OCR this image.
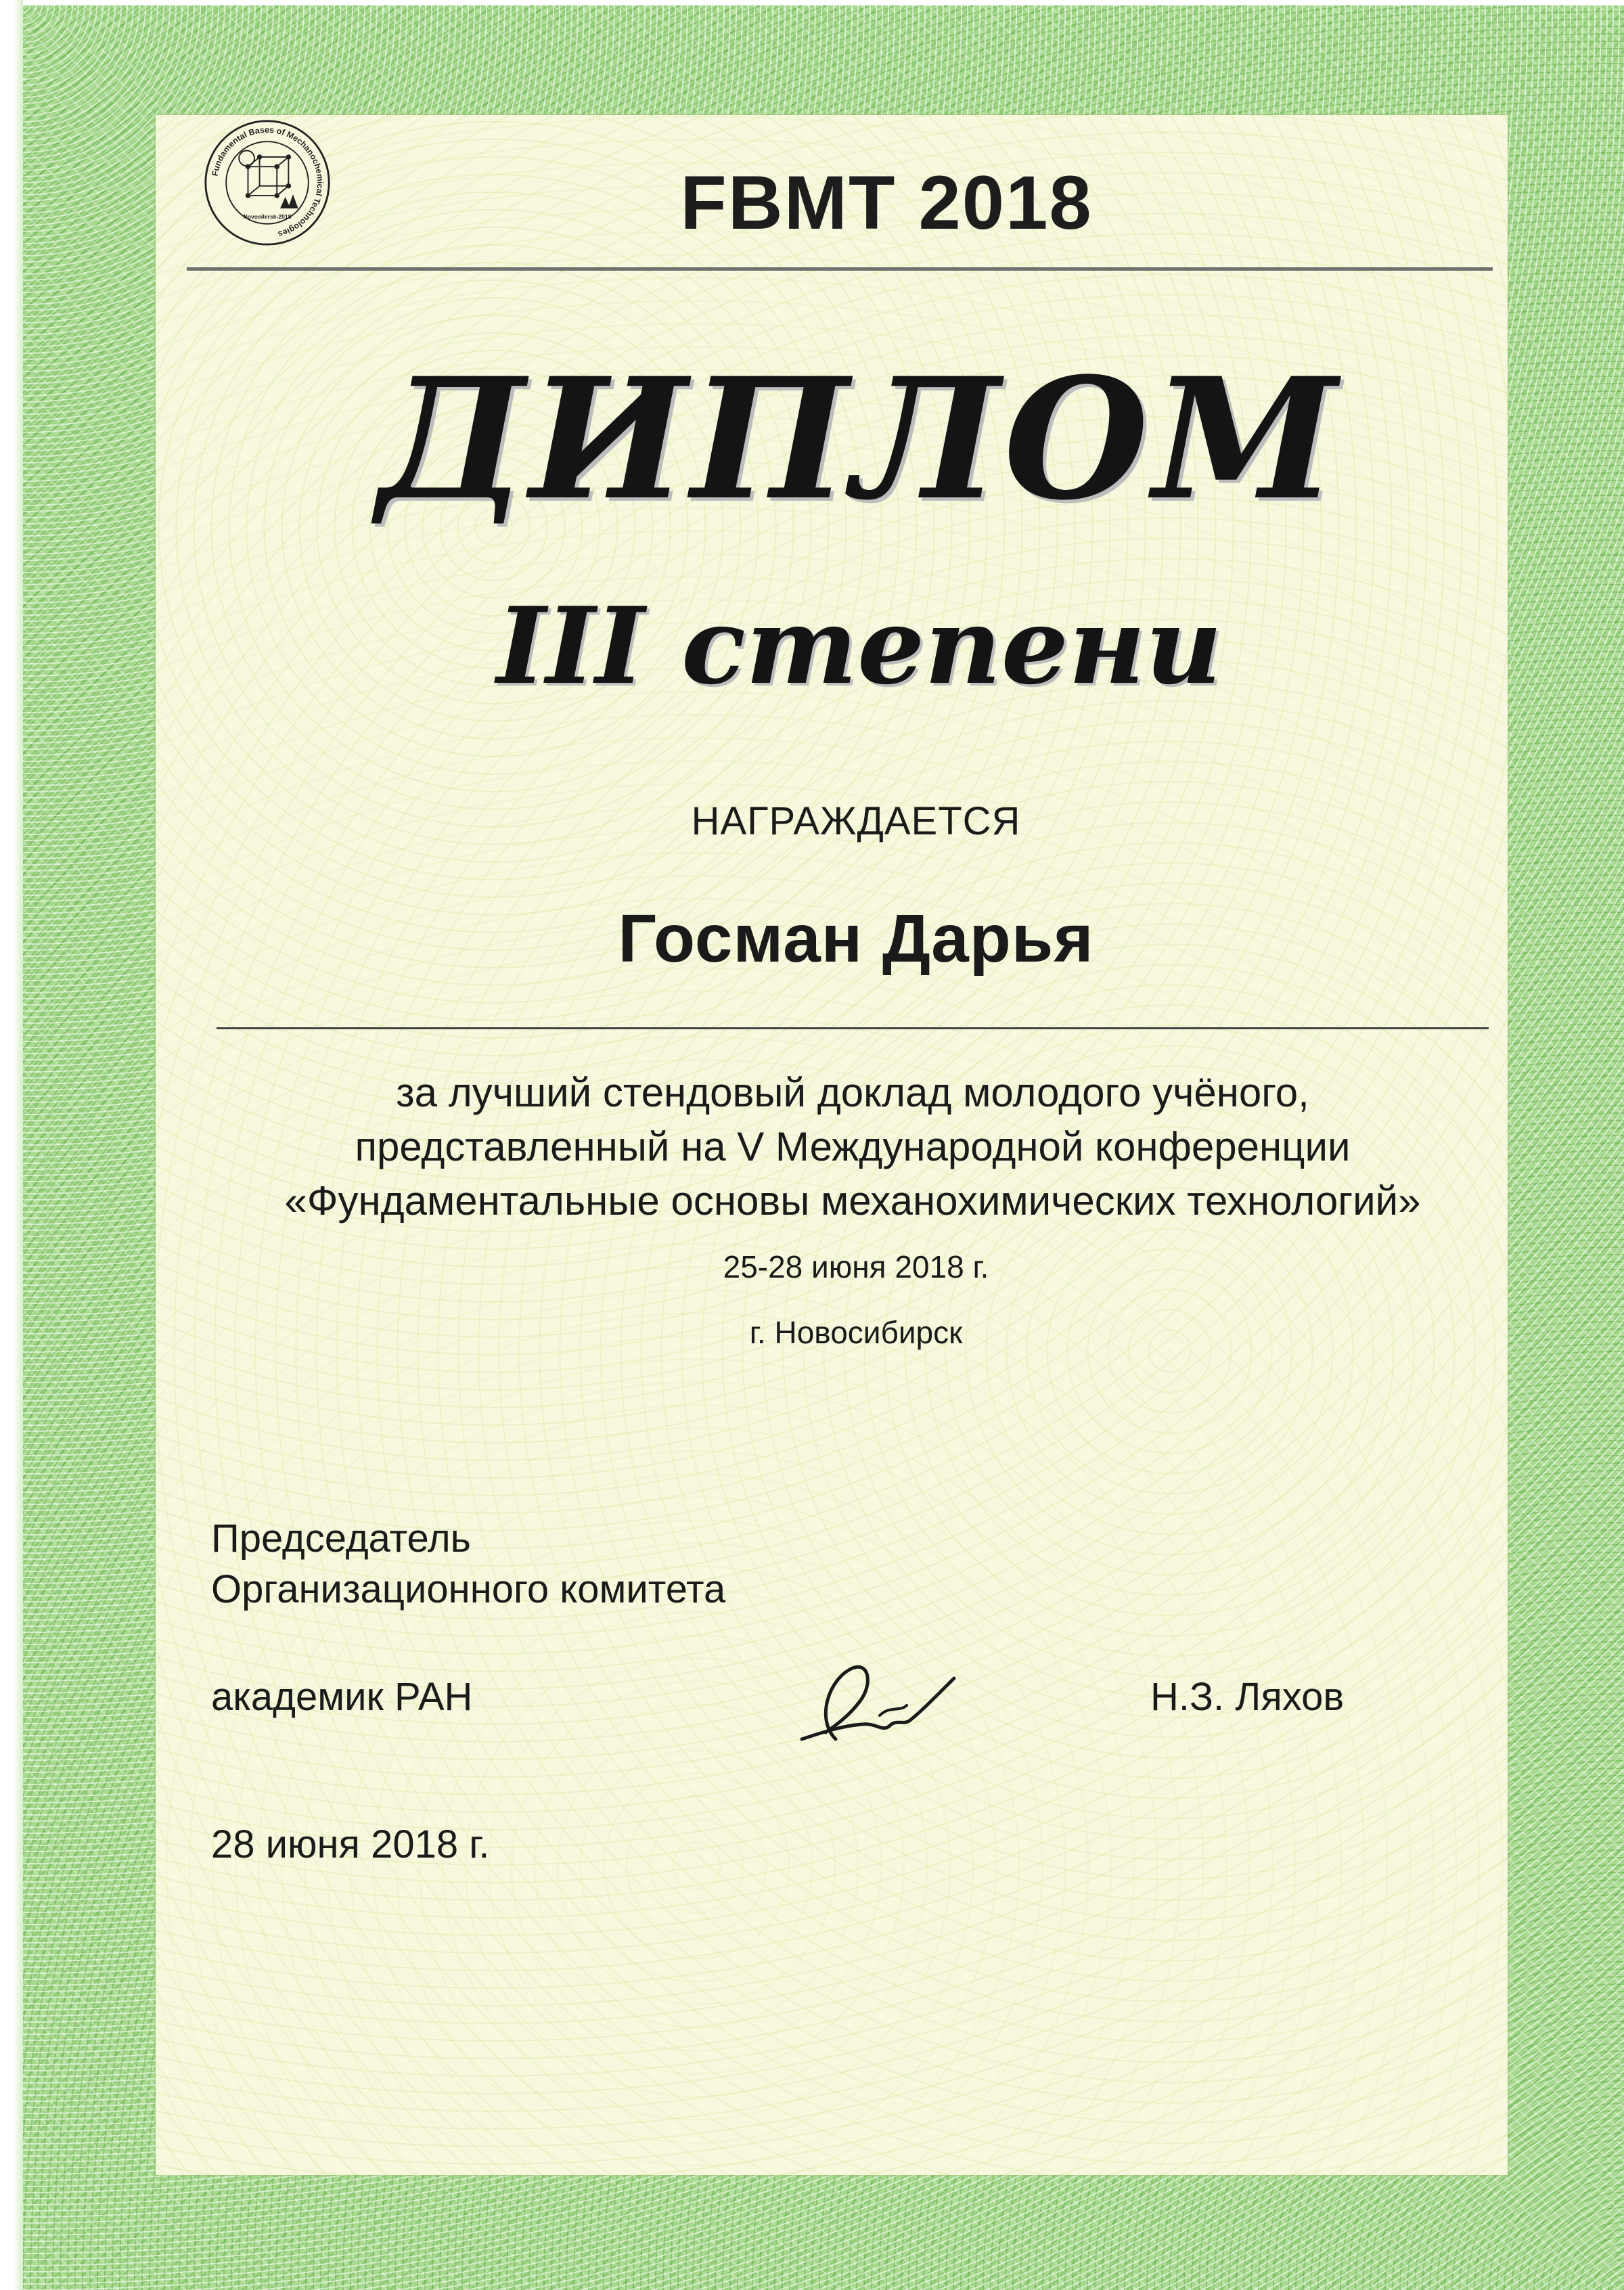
Fundamental Bases of Mechanochemical Technologies
Novosibirsk-2018	FBMT 2018
ДИПЛОМ
III степени
НАГРАЖДАЕТСЯ
Госман Дарья
за лучший стендовый доклад молодого учёного,
представленный на V Международной конференции
«Фундаментальные основы механохимических технологий»
25-28 июня 2018 г.
г. Новосибирск
Председатель
Организационного комитета
академик РАН	Н.З. Ляхов
28 июня 2018 г.
